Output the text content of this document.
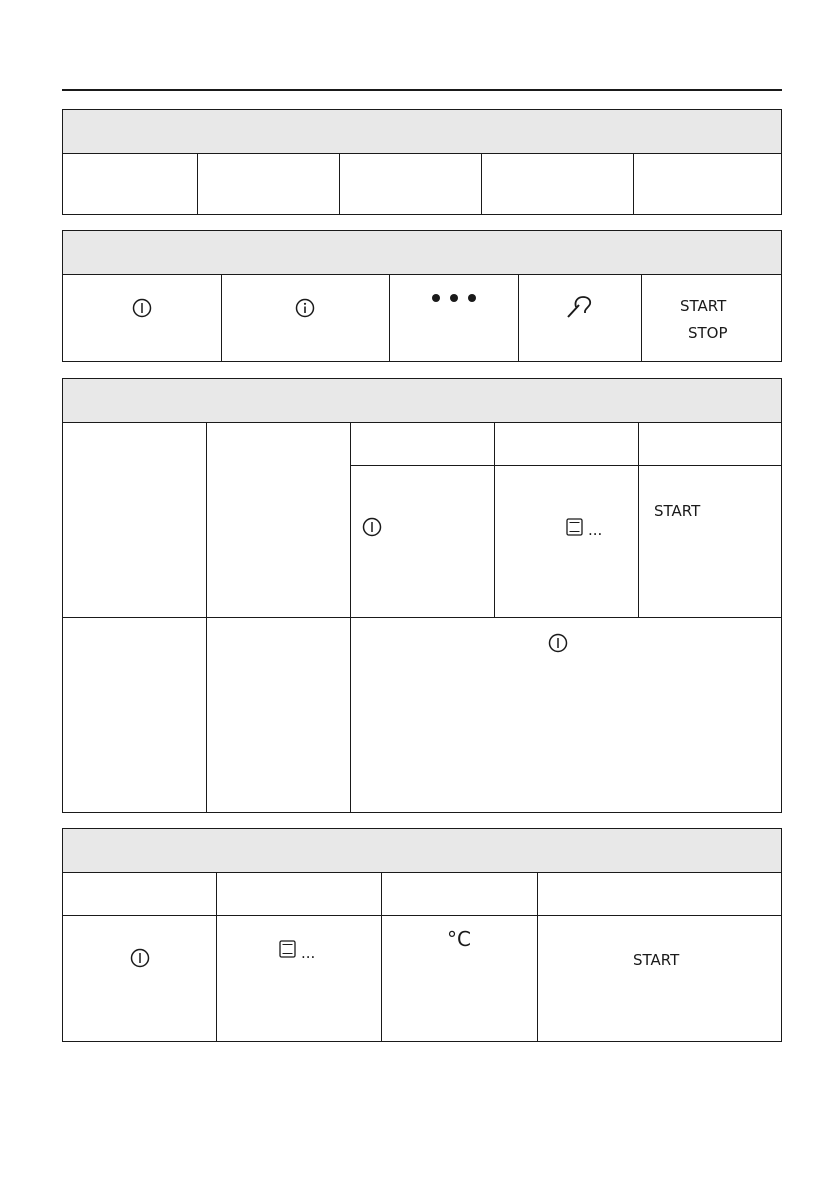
START
STOP
...
START
...
°C
START
